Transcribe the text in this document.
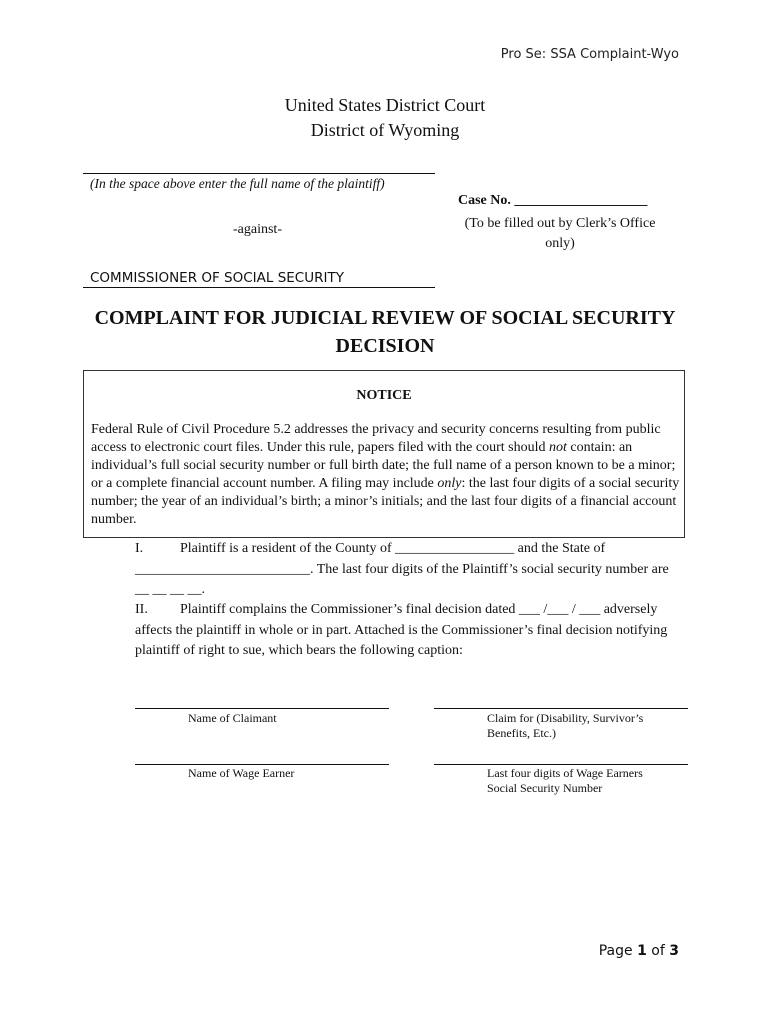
Pro Se: SSA Complaint-Wyo
United States District Court
District of Wyoming
(In the space above enter the full name of the plaintiff)
Case No. ___________________
(To be filled out by Clerk’s Office only)
-against-
COMMISSIONER OF SOCIAL SECURITY
COMPLAINT FOR JUDICIAL REVIEW OF SOCIAL SECURITY DECISION
NOTICE
Federal Rule of Civil Procedure 5.2 addresses the privacy and security concerns resulting from public access to electronic court files. Under this rule, papers filed with the court should not contain: an individual’s full social security number or full birth date; the full name of a person known to be a minor; or a complete financial account number. A filing may include only: the last four digits of a social security number; the year of an individual’s birth; a minor’s initials; and the last four digits of a financial account number.
I.	Plaintiff is a resident of the County of _________________ and the State of _________________________. The last four digits of the Plaintiff’s social security number are __ __ __ __.
II. Plaintiff complains the Commissioner’s final decision dated ___ /___ / ___ adversely affects the plaintiff in whole or in part. Attached is the Commissioner’s final decision notifying plaintiff of right to sue, which bears the following caption:
Name of Claimant	Claim for (Disability, Survivor’s Benefits, Etc.)
Name of Wage Earner	Last four digits of Wage Earners Social Security Number
Page 1 of 3
